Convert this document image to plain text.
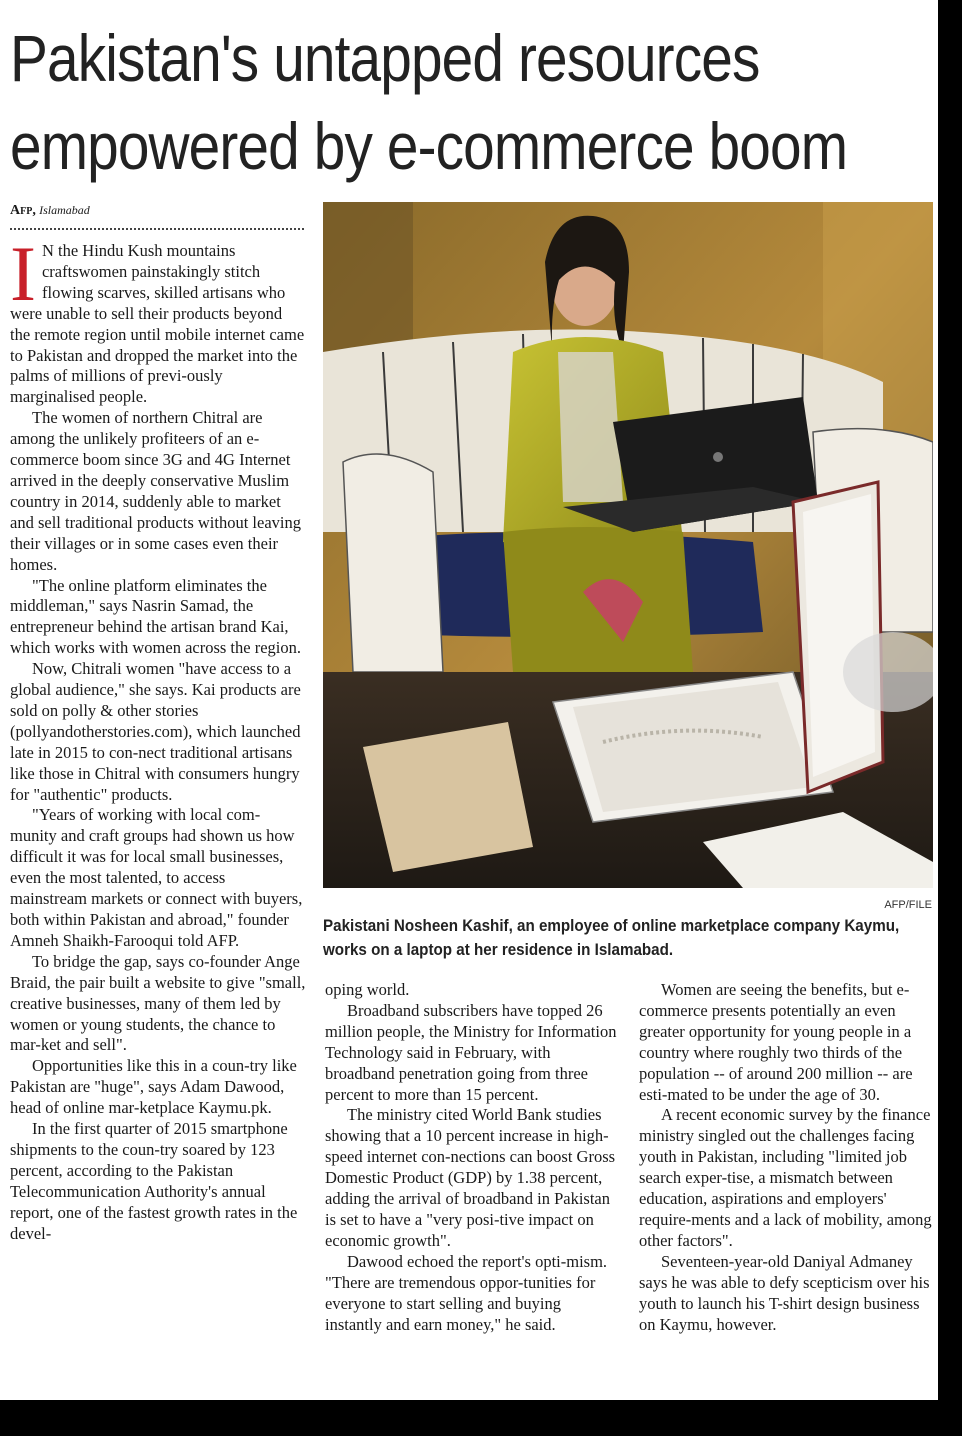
Pakistan's untapped resources empowered by e-commerce boom
Afp, Islamabad

I N the Hindu Kush mountains craftswomen painstakingly stitch flowing scarves, skilled artisans who were unable to sell their products beyond the remote region until mobile internet came to Pakistan and dropped the market into the palms of millions of previ-ously marginalised people.

The women of northern Chitral are among the unlikely profiteers of an e-commerce boom since 3G and 4G Internet arrived in the deeply conservative Muslim country in 2014, suddenly able to market and sell traditional products without leaving their villages or in some cases even their homes.

"The online platform eliminates the middleman," says Nasrin Samad, the entrepreneur behind the artisan brand Kai, which works with women across the region.

Now, Chitrali women "have access to a global audience," she says. Kai products are sold on polly & other stories (pollyandotherstories.com), which launched late in 2015 to con-nect traditional artisans like those in Chitral with consumers hungry for "authentic" products.

"Years of working with local com-munity and craft groups had shown us how difficult it was for local small businesses, even the most talented, to access mainstream markets or connect with buyers, both within Pakistan and abroad," founder Amneh Shaikh-Farooqui told AFP.

To bridge the gap, says co-founder Ange Braid, the pair built a website to give "small, creative businesses, many of them led by women or young students, the chance to mar-ket and sell".

Opportunities like this in a coun-try like Pakistan are "huge", says Adam Dawood, head of online mar-ketplace Kaymu.pk.

In the first quarter of 2015 smartphone shipments to the coun-try soared by 123 percent, according to the Pakistan Telecommunication Authority's annual report, one of the fastest growth rates in the devel-

AFP/FILE
Pakistani Nosheen Kashif, an employee of online marketplace company Kaymu, works on a laptop at her residence in Islamabad.

oping world.

Broadband subscribers have topped 26 million people, the Ministry for Information Technology said in February, with broadband penetration going from three percent to more than 15 percent.

The ministry cited World Bank studies showing that a 10 percent increase in high-speed internet con-nections can boost Gross Domestic Product (GDP) by 1.38 percent, adding the arrival of broadband in Pakistan is set to have a "very posi-tive impact on economic growth".

Dawood echoed the report's opti-mism. "There are tremendous oppor-tunities for everyone to start selling and buying instantly and earn money," he said.

Women are seeing the benefits, but e-commerce presents potentially an even greater opportunity for young people in a country where roughly two thirds of the population -- of around 200 million -- are esti-mated to be under the age of 30.

A recent economic survey by the finance ministry singled out the challenges facing youth in Pakistan, including "limited job search exper-tise, a mismatch between education, aspirations and employers' require-ments and a lack of mobility, among other factors".

Seventeen-year-old Daniyal Admaney says he was able to defy scepticism over his youth to launch his T-shirt design business on Kaymu, however.
